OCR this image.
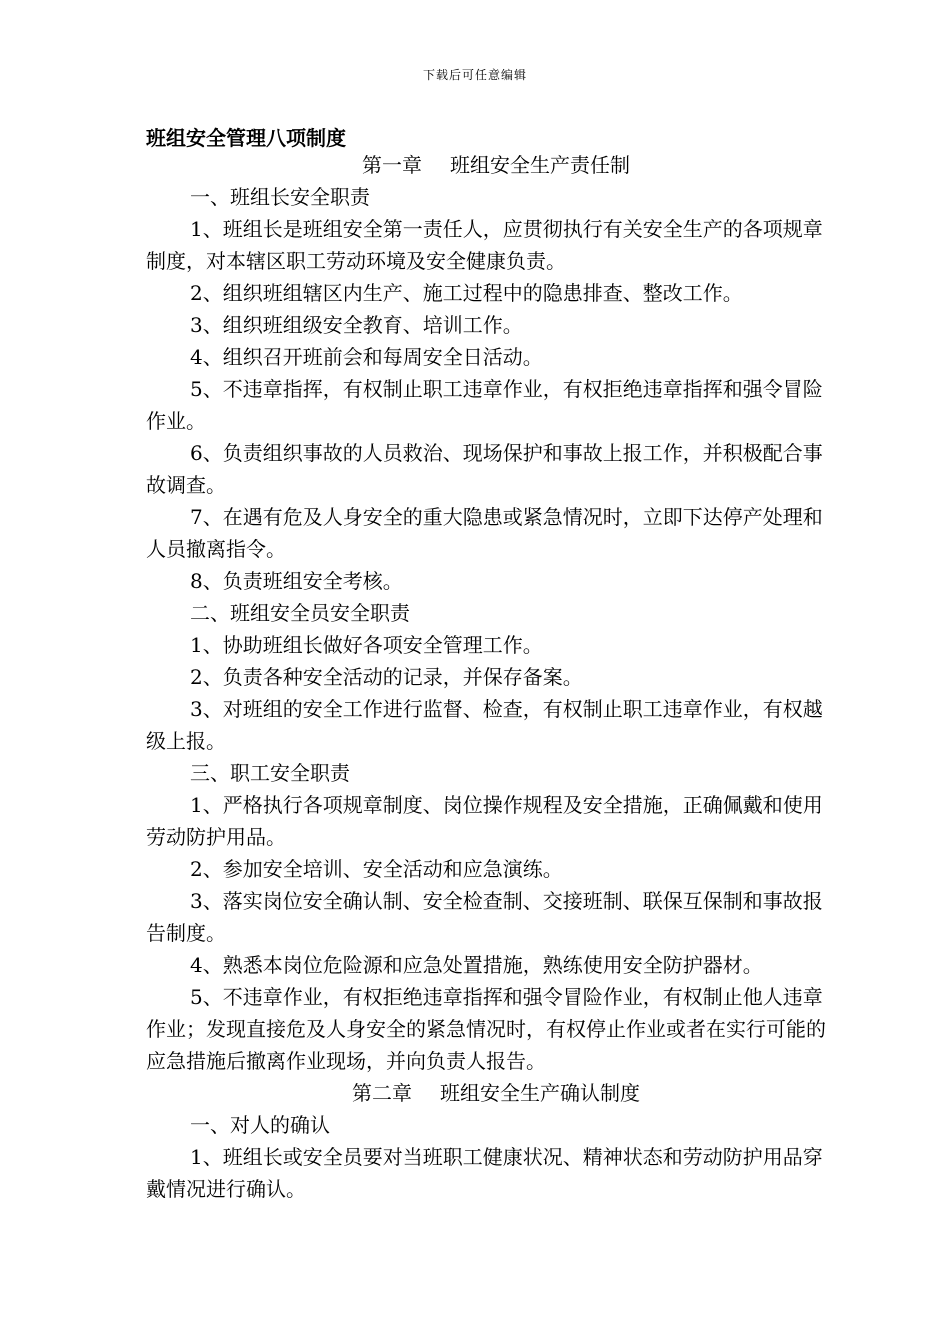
下载后可任意编辑
班组安全管理八项制度

第一章 班组安全生产责任制

一、班组长安全职责

1、班组长是班组安全第一责任人，应贯彻执行有关安全生产的各项规章制度，对本辖区职工劳动环境及安全健康负责。

2、组织班组辖区内生产、施工过程中的隐患排查、整改工作。

3、组织班组级安全教育、培训工作。

4、组织召开班前会和每周安全日活动。

5、不违章指挥，有权制止职工违章作业，有权拒绝违章指挥和强令冒险作业。

6、负责组织事故的人员救治、现场保护和事故上报工作，并积极配合事故调查。

7、在遇有危及人身安全的重大隐患或紧急情况时，立即下达停产处理和人员撤离指令。

8、负责班组安全考核。

二、班组安全员安全职责

1、协助班组长做好各项安全管理工作。

2、负责各种安全活动的记录，并保存备案。

3、对班组的安全工作进行监督、检查，有权制止职工违章作业，有权越级上报。

三、职工安全职责

1、严格执行各项规章制度、岗位操作规程及安全措施，正确佩戴和使用劳动防护用品。

2、参加安全培训、安全活动和应急演练。

3、落实岗位安全确认制、安全检查制、交接班制、联保互保制和事故报告制度。

4、熟悉本岗位危险源和应急处置措施，熟练使用安全防护器材。

5、不违章作业，有权拒绝违章指挥和强令冒险作业，有权制止他人违章作业；发现直接危及人身安全的紧急情况时，有权停止作业或者在实行可能的应急措施后撤离作业现场，并向负责人报告。

第二章 班组安全生产确认制度

一、对人的确认

1、班组长或安全员要对当班职工健康状况、精神状态和劳动防护用品穿戴情况进行确认。
